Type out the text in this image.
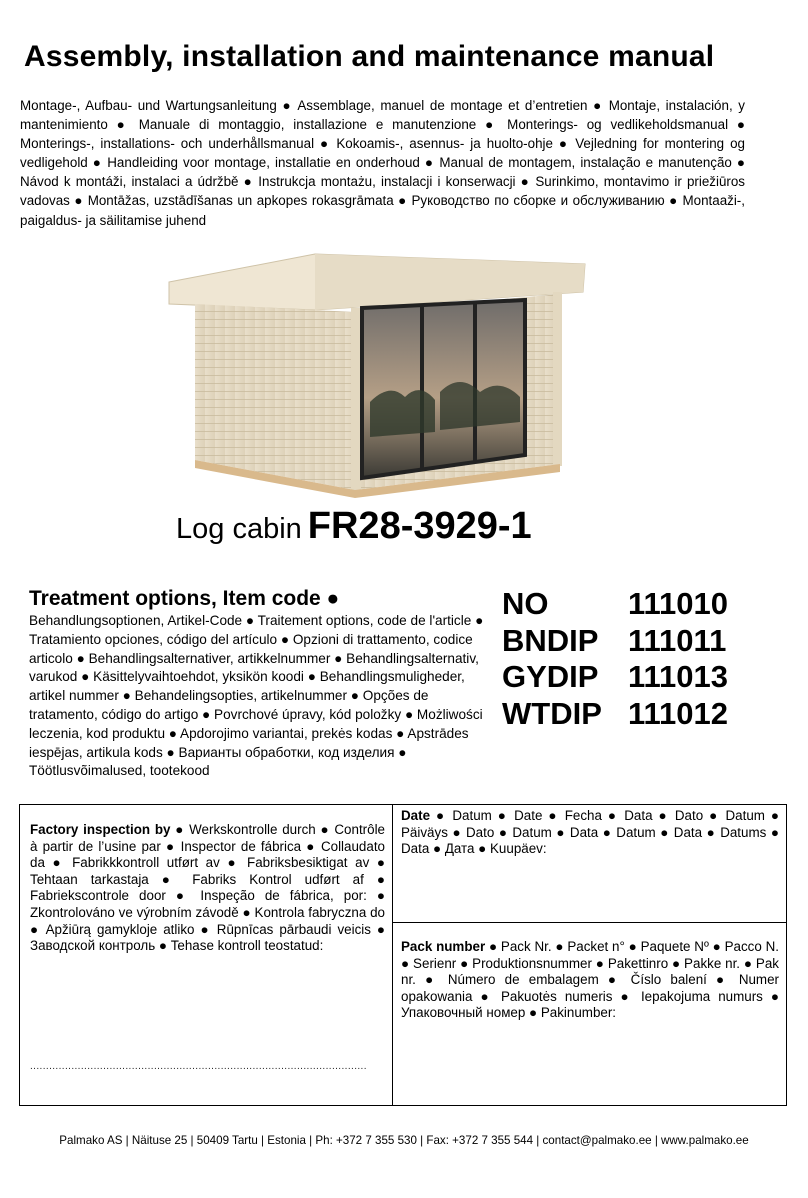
Assembly, installation and maintenance manual
Montage-, Aufbau- und Wartungsanleitung ● Assemblage, manuel de montage et d’entretien ● Montaje, instalación, y mantenimiento ● Manuale di montaggio, installazione e manutenzione ● Monterings- og vedlikeholdsmanual ● Monterings-, installations- och underhållsmanual ● Kokoamis-, asennus- ja huolto-ohje ● Vejledning for montering og vedligehold ● Handleiding voor montage, installatie en onderhoud ● Manual de montagem, instalação e manutenção ● Návod k montáži, instalaci a údržbě ● Instrukcja montażu, instalacji i konserwacji ● Surinkimo, montavimo ir priežiūros vadovas ● Montāžas, uzstādīšanas un apkopes rokasgrāmata ● Руководство по сборке и обслуживанию ● Montaaži-, paigaldus- ja säilitamise juhend
Log cabin FR28-3929-1
Treatment options, Item code ●
Behandlungsoptionen, Artikel-Code ● Traitement options, code de l'article ● Tratamiento opciones, código del artículo ● Opzioni di trattamento, codice articolo ● Behandlingsalternativer, artikkelnummer ● Behandlingsalternativ, varukod ● Käsittelyvaihtoehdot, yksikön koodi ● Behandlingsmuligheder, artikel nummer ● Behandelingsopties, artikelnummer ● Opções de tratamento, código do artigo ● Povrchové úpravy, kód položky ● Możliwości leczenia, kod produktu ● Apdorojimo variantai, prekės kodas ● Apstrādes iespējas, artikula kods ● Варианты обработки, код изделия ● Töötlusvõimalused, tootekood
NO	111010
BNDIP 111011
GYDIP 111013
WTDIP 111012
Factory inspection by ● Werkskontrolle durch ● Contrôle à partir de l’usine par ● Inspector de fábrica ● Collaudato da ● Fabrikkkontroll utført av ● Fabriksbesiktigat av ● Tehtaan tarkastaja ● Fabriks Kontrol udført af ● Fabriekscontrole door ● Inspeção de fábrica, por: ● Zkontrolováno ve výrobním závodě ● Kontrola fabryczna do ● Apžiūrą gamykloje atliko ● Rūpnīcas pārbaudi veicis ● Заводской контроль ● Tehase kontroll teostatud:
..........................................................................................................
Date ● Datum ● Date ● Fecha ● Data ● Dato ● Datum ● Päiväys ● Dato ● Datum ● Data ● Datum ● Data ● Datums ● Data ● Дата ● Kuupäev:
Pack number ● Pack Nr. ● Packet n° ● Paquete Nº ● Pacco N. ● Serienr ● Produktionsnummer ● Pakettinro ● Pakke nr. ● Pak nr. ● Número de embalagem ● Číslo balení ● Numer opakowania ● Pakuotės numeris ● Iepakojuma numurs ● Упаковочный номер ● Pakinumber:
Palmako AS | Näituse 25 | 50409 Tartu | Estonia | Ph: +372 7 355 530 | Fax: +372 7 355 544 | contact@palmako.ee | www.palmako.ee
